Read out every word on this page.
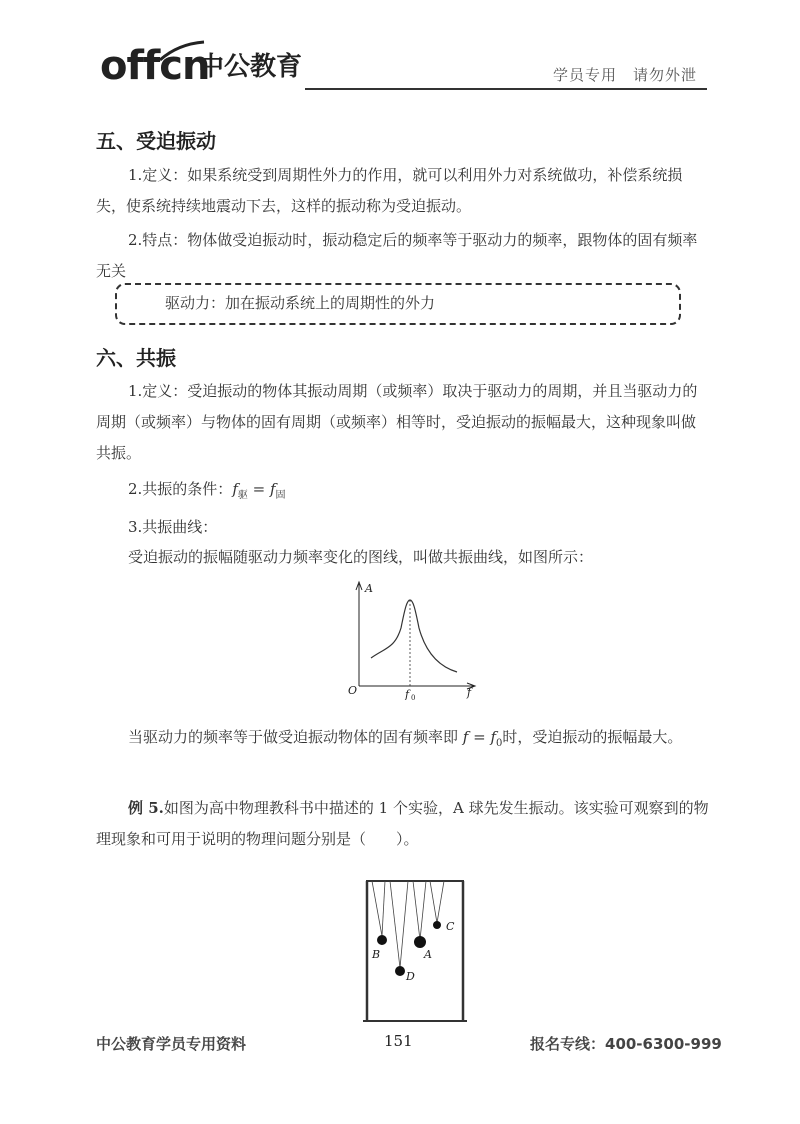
offcn
中公教育	学员专用　请勿外泄
五、受迫振动
1.定义：如果系统受到周期性外力的作用，就可以利用外力对系统做功，补偿系统损失，使系统持续地震动下去，这样的振动称为受迫振动。
2.特点：物体做受迫振动时，振动稳定后的频率等于驱动力的频率，跟物体的固有频率无关
驱动力：加在振动系统上的周期性的外力
六、共振
1.定义：受迫振动的物体其振动周期（或频率）取决于驱动力的周期，并且当驱动力的周期（或频率）与物体的固有周期（或频率）相等时，受迫振动的振幅最大，这种现象叫做共振。
2.共振的条件：$f_驱 = f_固$
3.共振曲线：
受迫振动的振幅随驱动力频率变化的图线，叫做共振曲线，如图所示：
A
f
O	f 0
当驱动力的频率等于做受迫振动物体的固有频率即 $f = f_0$时，受迫振动的振幅最大。
例 5.如图为高中物理教科书中描述的 1 个实验，A 球先发生振动。该实验可观察到的物理现象和可用于说明的物理问题分别是（　　）。
B
D
A
C
中公教育学员专用资料	151	报名专线：400-6300-999
